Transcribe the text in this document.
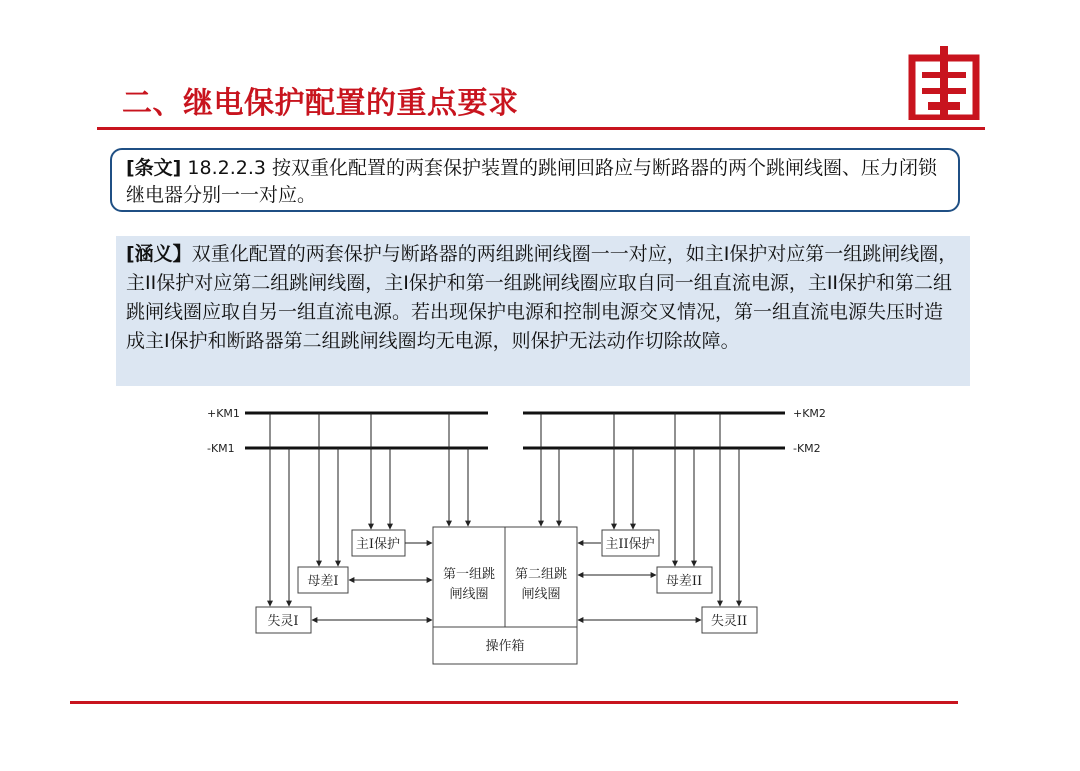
二、继电保护配置的重点要求
[条文] 18.2.2.3 按双重化配置的两套保护装置的跳闸回路应与断路器的两个跳闸线圈、压力闭锁继电器分别一一对应。
[涵义】双重化配置的两套保护与断路器的两组跳闸线圈一一对应，如主I保护对应第一组跳闸线圈，主II保护对应第二组跳闸线圈，主I保护和第一组跳闸线圈应取自同一组直流电源，主II保护和第二组跳闸线圈应取自另一组直流电源。若出现保护电源和控制电源交叉情况，第一组直流电源失压时造成主I保护和断路器第二组跳闸线圈均无电源，则保护无法动作切除故障。
+KM1
-KM1
+KM2
-KM2
主I保护	主II保护
母差I	母差II
失灵I	失灵II
第一组跳
闸线圈
第二组跳
闸线圈
操作箱
